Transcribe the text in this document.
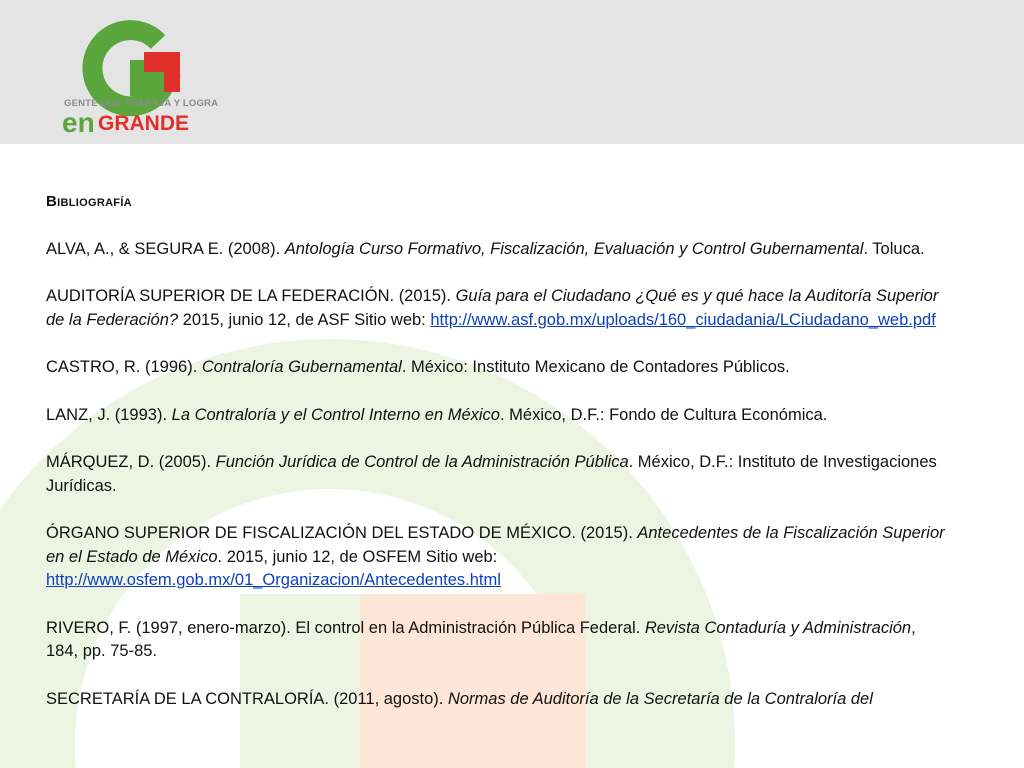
GENTE QUE TRABAJA Y LOGRA
en GRANDE
Bibliografía
ALVA, A., & SEGURA E. (2008). Antología Curso Formativo, Fiscalización, Evaluación y Control Gubernamental. Toluca.
AUDITORÍA SUPERIOR DE LA FEDERACIÓN. (2015). Guía para el Ciudadano ¿Qué es y qué hace la Auditoría Superior de la Federación? 2015, junio 12, de ASF Sitio web: http://www.asf.gob.mx/uploads/160_ciudadania/LCiudadano_web.pdf
CASTRO, R. (1996). Contraloría Gubernamental. México: Instituto Mexicano de Contadores Públicos.
LANZ, J. (1993). La Contraloría y el Control Interno en México. México, D.F.: Fondo de Cultura Económica.
MÁRQUEZ, D. (2005). Función Jurídica de Control de la Administración Pública. México, D.F.: Instituto de Investigaciones Jurídicas.
ÓRGANO SUPERIOR DE FISCALIZACIÓN DEL ESTADO DE MÉXICO. (2015). Antecedentes de la Fiscalización Superior en el Estado de México. 2015, junio 12, de OSFEM Sitio web: http://www.osfem.gob.mx/01_Organizacion/Antecedentes.html
RIVERO, F. (1997, enero-marzo). El control en la Administración Pública Federal. Revista Contaduría y Administración, 184, pp. 75-85.
SECRETARÍA DE LA CONTRALORÍA. (2011, agosto). Normas de Auditoría de la Secretaría de la Contraloría del
